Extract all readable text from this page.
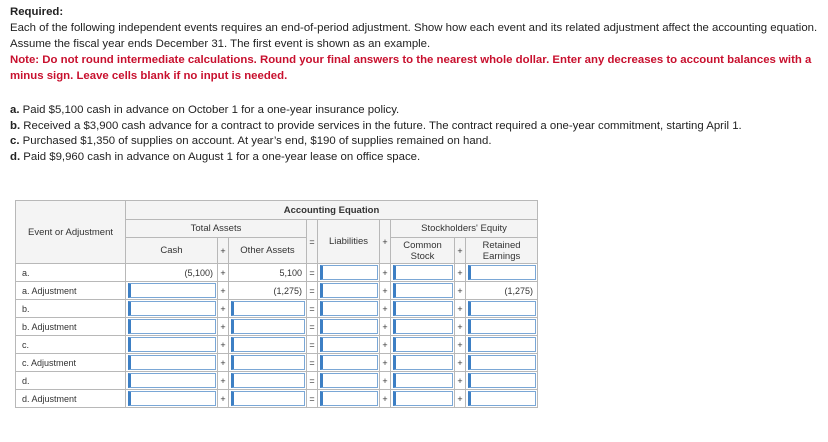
Required:
Each of the following independent events requires an end-of-period adjustment. Show how each event and its related adjustment affect the accounting equation. Assume the fiscal year ends December 31. The first event is shown as an example.
Note: Do not round intermediate calculations. Round your final answers to the nearest whole dollar. Enter any decreases to account balances with a minus sign. Leave cells blank if no input is needed.
a. Paid $5,100 cash in advance on October 1 for a one-year insurance policy.
b. Received a $3,900 cash advance for a contract to provide services in the future. The contract required a one-year commitment, starting April 1.
c. Purchased $1,350 of supplies on account. At year’s end, $190 of supplies remained on hand.
d. Paid $9,960 cash in advance on August 1 for a one-year lease on office space.
Event or Adjustment	Accounting Equation								
	Total Assets			=	Liabilities	+	Stockholders' Equity		
	Cash	+	Other Assets				Common Stock	+	Retained Earnings
a.	(5,100)	+	5,100	=		+		+	

a. Adjustment		+	(1,275)	=		+		+	(1,275)
b.		+		=		+		+	

b. Adjustment		+		=		+		+	

c.		+		=		+		+	

c. Adjustment		+		=		+		+	

d.		+		=		+		+	

d. Adjustment		+		=		+		+	
